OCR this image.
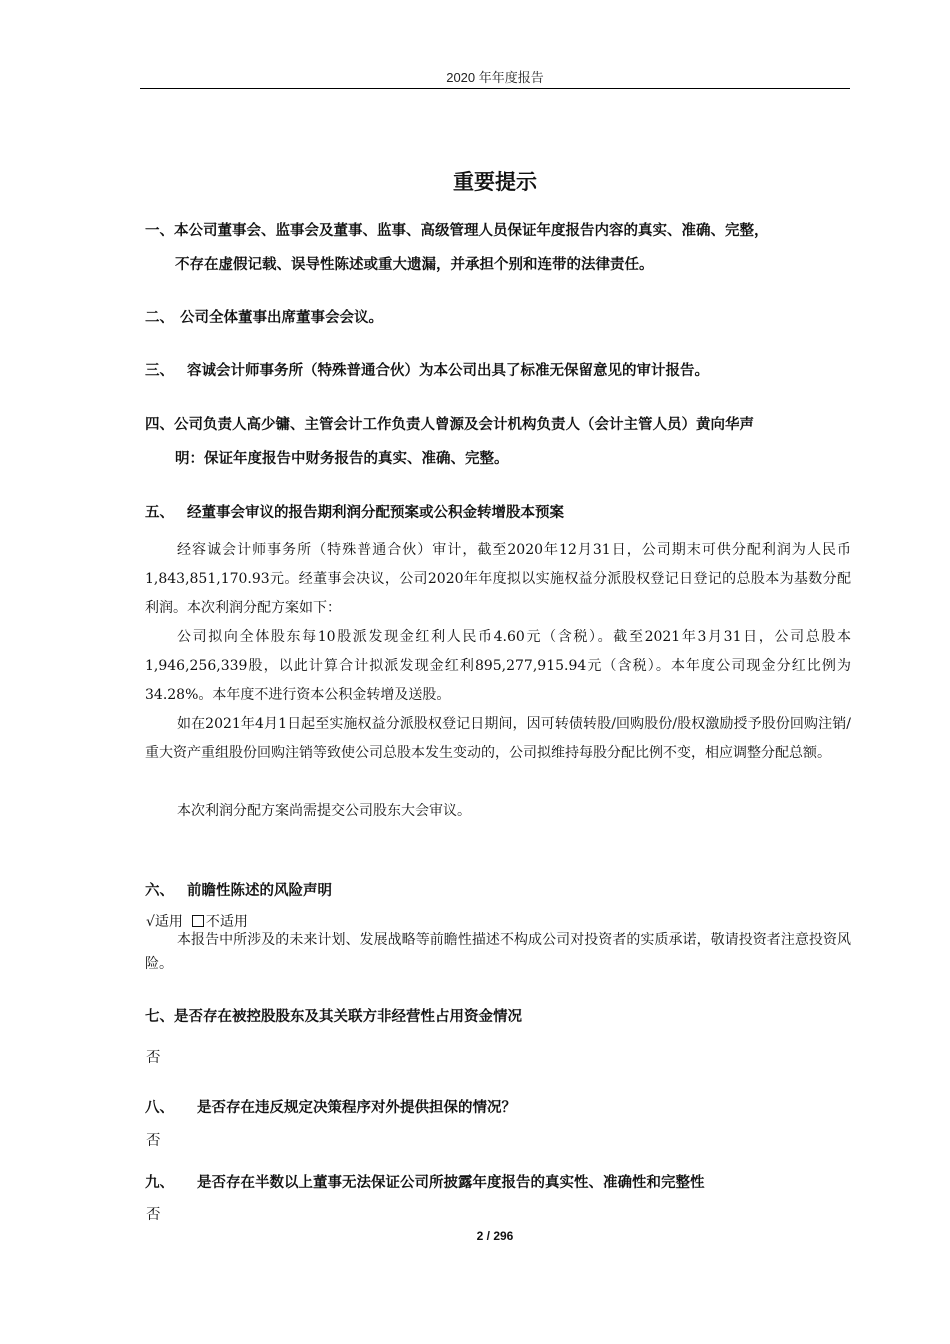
2020 年年度报告
重要提示
一、本公司董事会、监事会及董事、监事、高级管理人员保证年度报告内容的真实、准确、完整，
不存在虚假记载、误导性陈述或重大遗漏，并承担个别和连带的法律责任。
二、 公司全体董事出席董事会会议。
三、 容诚会计师事务所（特殊普通合伙）为本公司出具了标准无保留意见的审计报告。
四、公司负责人高少镛、主管会计工作负责人曾源及会计机构负责人（会计主管人员）黄向华声
明：保证年度报告中财务报告的真实、准确、完整。
五、 经董事会审议的报告期利润分配预案或公积金转增股本预案

经容诚会计师事务所（特殊普通合伙）审计，截至2020年12月31日，公司期末可供分配利润为人民币1,843,851,170.93元。经董事会决议，公司2020年年度拟以实施权益分派股权登记日登记的总股本为基数分配利润。本次利润分配方案如下：

公司拟向全体股东每10股派发现金红利人民币4.60元（含税）。截至2021年3月31日，公司总股本1,946,256,339股，以此计算合计拟派发现金红利895,277,915.94元（含税）。本年度公司现金分红比例为34.28%。本年度不进行资本公积金转增及送股。

如在2021年4月1日起至实施权益分派股权登记日期间，因可转债转股/回购股份/股权激励授予股份回购注销/重大资产重组股份回购注销等致使公司总股本发生变动的，公司拟维持每股分配比例不变，相应调整分配总额。

本次利润分配方案尚需提交公司股东大会审议。

六、 前瞻性陈述的风险声明
√适用 不适用

本报告中所涉及的未来计划、发展战略等前瞻性描述不构成公司对投资者的实质承诺，敬请投资者注意投资风险。

七、是否存在被控股股东及其关联方非经营性占用资金情况
否
八、 是否存在违反规定决策程序对外提供担保的情况？
否
九、 是否存在半数以上董事无法保证公司所披露年度报告的真实性、准确性和完整性
否
2 / 296
